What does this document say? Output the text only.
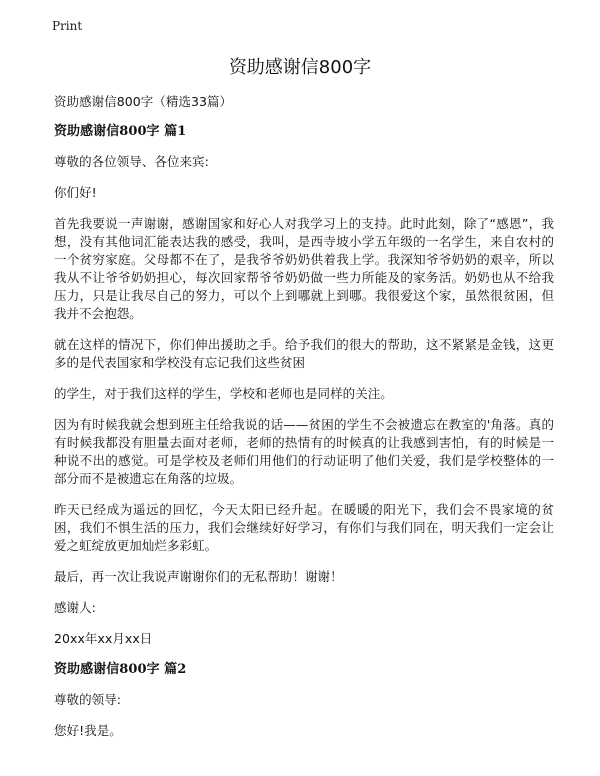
Print
资助感谢信800字

资助感谢信800字（精选33篇）

资助感谢信800字 篇1

尊敬的各位领导、各位来宾:

你们好!

首先我要说一声谢谢，感谢国家和好心人对我学习上的支持。此时此刻，除了“感恩”，我想，没有其他词汇能表达我的感受，我叫，是西寺坡小学五年级的一名学生，来自农村的一个贫穷家庭。父母都不在了，是我爷爷奶奶供着我上学。我深知爷爷奶奶的艰辛，所以我从不让爷爷奶奶担心，每次回家帮爷爷奶奶做一些力所能及的家务活。奶奶也从不给我压力，只是让我尽自己的努力，可以个上到哪就上到哪。我很爱这个家，虽然很贫困，但我并不会抱怨。

就在这样的情况下，你们伸出援助之手。给予我们的很大的帮助，这不紧紧是金钱，这更多的是代表国家和学校没有忘记我们这些贫困

的学生，对于我们这样的学生，学校和老师也是同样的关注。

因为有时候我就会想到班主任给我说的话——贫困的学生不会被遗忘在教室的'角落。真的有时候我都没有胆量去面对老师，老师的热情有的时候真的让我感到害怕，有的时候是一种说不出的感觉。可是学校及老师们用他们的行动证明了他们关爱，我们是学校整体的一部分而不是被遗忘在角落的垃圾。

昨天已经成为遥远的回忆，今天太阳已经升起。在暖暖的阳光下，我们会不畏家境的贫困，我们不惧生活的压力，我们会继续好好学习，有你们与我们同在，明天我们一定会让爱之虹绽放更加灿烂多彩虹。

最后，再一次让我说声谢谢你们的无私帮助！谢谢！

感谢人:

20xx年xx月xx日

资助感谢信800字 篇2

尊敬的领导:

您好!我是。
